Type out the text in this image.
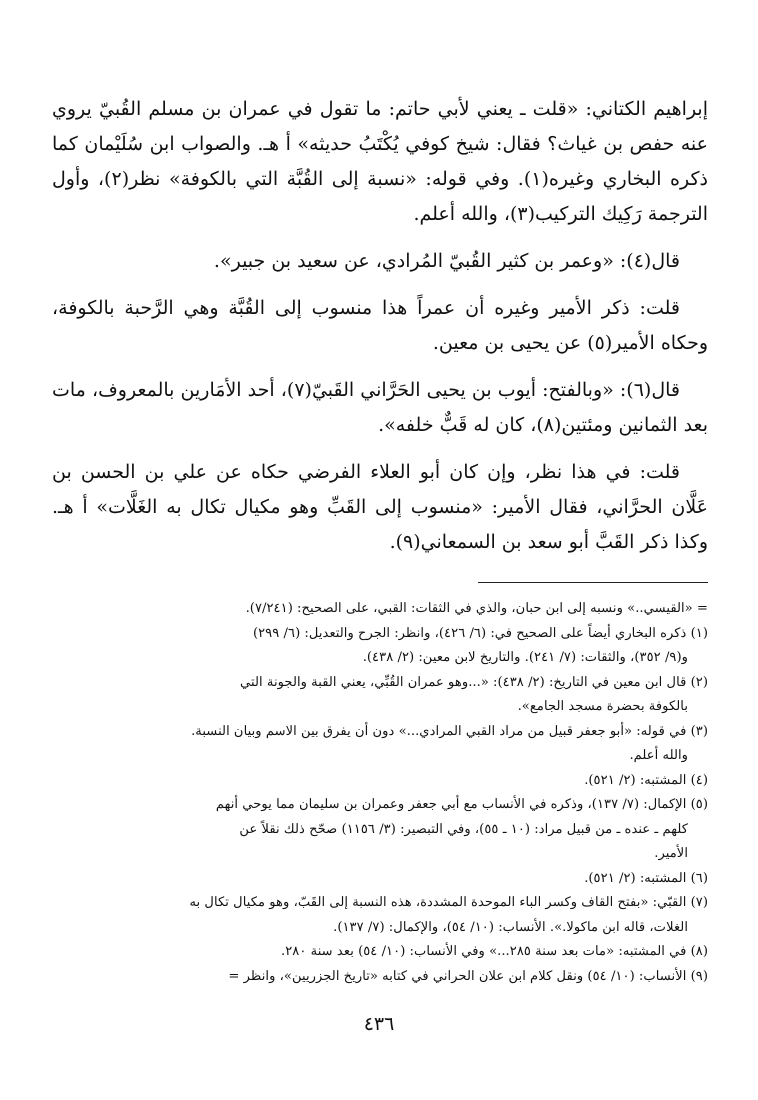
إبراهيم الكتاني: «قلت ـ يعني لأبي حاتم: ما تقول في عمران بن مسلم القُبيّ يروي عنه حفص بن غياث؟ فقال: شيخ كوفي يُكْتَبُ حديثه» أ هـ. والصواب ابن سُلَيْمان كما ذكره البخاري وغيره(١). وفي قوله: «نسبة إلى القُبَّة التي بالكوفة» نظر(٢)، وأول الترجمة رَكِيك التركيب(٣)، والله أعلم.

قال(٤): «وعمر بن كثير القُبيّ المُرادي، عن سعيد بن جبير».

قلت: ذكر الأمير وغيره أن عمراً هذا منسوب إلى القُبَّة وهي الرَّحبة بالكوفة، وحكاه الأمير(٥) عن يحيى بن معين.

قال(٦): «وبالفتح: أيوب بن يحيى الحَرَّاني القَبيّ(٧)، أحد الأمَارين بالمعروف، مات بعد الثمانين ومئتين(٨)، كان له قَبٌّ خلفه».

قلت: في هذا نظر، وإن كان أبو العلاء الفرضي حكاه عن علي بن الحسن بن عَلَّان الحرَّاني، فقال الأمير: «منسوب إلى القَبِّ وهو مكيال تكال به الغَلَّات» أ هـ. وكذا ذكر القَبَّ أبو سعد بن السمعاني(٩).

= «القيسي..» ونسبه إلى ابن حبان، والذي في الثقات: القبي، على الصحيح: (٧/٢٤١).
(١) ذكره البخاري أيضاً على الصحيح في: (٦/ ٤٢٦)، وانظر: الجرح والتعديل: (٦/ ٢٩٩)
و(٩/ ٣٥٢)، والثقات: (٧/ ٢٤١). والتاريخ لابن معين: (٢/ ٤٣٨).
(٢) قال ابن معين في التاريخ: (٢/ ٤٣٨): «...وهو عمران القُبِّي، يعني القبة والجونة التي
بالكوفة بحضرة مسجد الجامع».
(٣) في قوله: «أبو جعفر قبيل من مراد القبي المرادي...» دون أن يفرق بين الاسم وبيان النسبة.
والله أعلم.
(٤) المشتبه: (٢/ ٥٢١).
(٥) الإكمال: (٧/ ١٣٧)، وذكره في الأنساب مع أبي جعفر وعمران بن سليمان مما يوحي أنهم
كلهم ـ عنده ـ من قبيل مراد: (١٠ ـ ٥٥)، وفي التبصير: (٣/ ١١٥٦) صحّح ذلك نقلاً عن
الأمير.
(٦) المشتبه: (٢/ ٥٢١).
(٧) القبّي: «بفتح القاف وكسر الباء الموحدة المشددة، هذه النسبة إلى القَبّ، وهو مكيال تكال به
الغلات، قاله ابن ماكولا.». الأنساب: (١٠/ ٥٤)، والإكمال: (٧/ ١٣٧).
(٨) في المشتبه: «مات بعد سنة ٢٨٥...» وفي الأنساب: (١٠/ ٥٤) بعد سنة ٢٨٠.
(٩) الأنساب: (١٠/ ٥٤) ونقل كلام ابن علان الحراني في كتابه «تاريخ الجزريين»، وانظر =
٤٣٦
